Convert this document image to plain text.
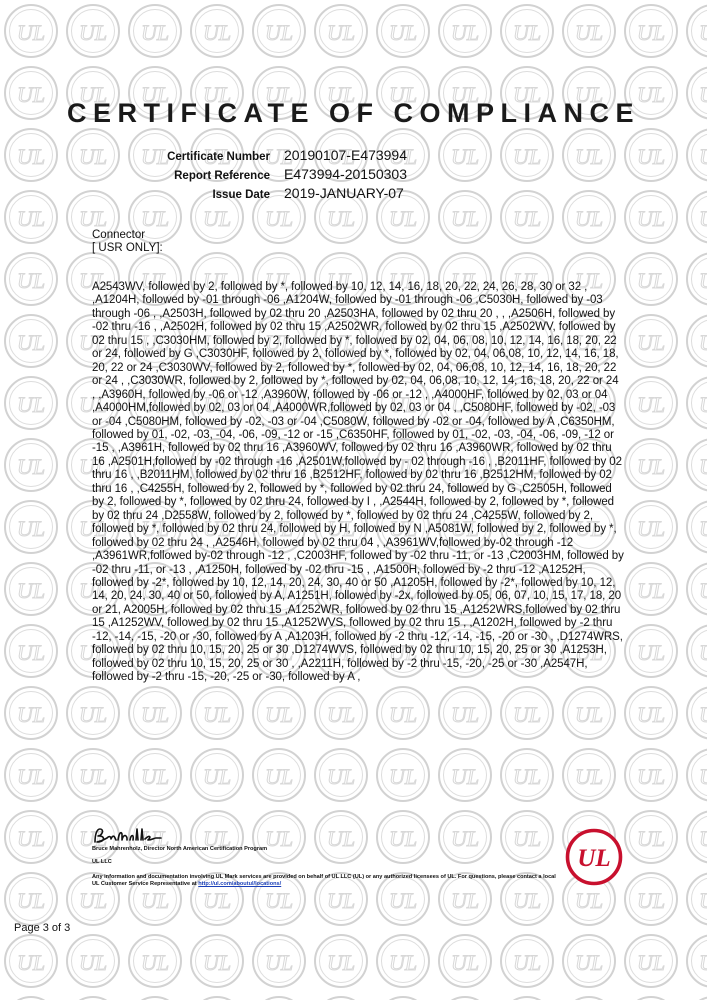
CERTIFICATE OF COMPLIANCE
Certificate Number	20190107-E473994
Report Reference	E473994-20150303
Issue Date	2019-JANUARY-07
Connector
[ USR ONLY]:
A2543WV, followed by 2, followed by *, followed by 10, 12, 14, 16, 18, 20, 22, 24, 26, 28, 30 or 32 , ,A1204H, followed by -01 through -06 ,A1204W, followed by -01 through -06 ,C5030H, followed by -03 through -06 , ,A2503H, followed by 02 thru 20 ,A2503HA, followed by 02 thru 20 , , ,A2506H, followed by -02 thru -16 , ,A2502H, followed by 02 thru 15 ,A2502WR, followed by 02 thru 15 ,A2502WV, followed by 02 thru 15 , ,C3030HM, followed by 2, followed by *, followed by 02, 04, 06, 08, 10, 12, 14, 16, 18, 20, 22 or 24, followed by G ,C3030HF, followed by 2, followed by *, followed by 02, 04, 06,08, 10, 12, 14, 16, 18, 20, 22 or 24 ,C3030WV, followed by 2, followed by *, followed by 02, 04, 06,08, 10, 12, 14, 16, 18, 20, 22 or 24 , ,C3030WR, followed by 2, followed by *, followed by 02, 04, 06,08, 10, 12, 14, 16, 18, 20, 22 or 24 , ,A3960H, followed by -06 or -12 ,A3960W, followed by -06 or -12 , ,A4000HF, followed by 02, 03 or 04 ,A4000HM,followed by 02, 03 or 04 ,A4000WR,followed by 02, 03 or 04 , ,C5080HF, followed by -02, -03 or -04 ,C5080HM, followed by -02, -03 or -04 ,C5080W, followed by -02 or -04, followed by A ,C6350HM, followed by 01, -02, -03, -04, -06, -09, -12 or -15 ,C6350HF, followed by 01, -02, -03, -04, -06, -09, -12 or -15 , ,A3961H, followed by 02 thru 16 ,A3960WV, followed by 02 thru 16 ,A3960WR, followed by 02 thru 16 ,A2501H,followed by -02 through -16 ,A2501W,followed by - 02 through -16 , ,B2011HF, followed by 02 thru 16 , ,B2011HM, followed by 02 thru 16 ,B2512HF, followed by 02 thru 16 ,B2512HM, followed by 02 thru 16 , ,C4255H, followed by 2, followed by *, followed by 02 thru 24, followed by G ,C2505H, followed by 2, followed by *, followed by 02 thru 24, followed by I , ,A2544H, followed by 2, followed by *, followed by 02 thru 24 ,D2558W, followed by 2, followed by *, followed by 02 thru 24 ,C4255W, followed by 2, followed by *, followed by 02 thru 24, followed by H, followed by N ,A5081W, followed by 2, followed by *, followed by 02 thru 24 , ,A2546H, followed by 02 thru 04 , ,A3961WV,followed by-02 through -12 ,A3961WR,followed by-02 through -12 , ,C2003HF, followed by -02 thru -11, or -13 ,C2003HM, followed by -02 thru -11, or -13 , ,A1250H, followed by -02 thru -15 , ,A1500H, followed by -2 thru -12 ,A1252H, followed by -2*, followed by 10, 12, 14, 20, 24, 30, 40 or 50 ,A1205H, followed by -2*, followed by 10, 12, 14, 20, 24, 30, 40 or 50, followed by A, A1251H, followed by -2x, followed by 05, 06, 07, 10, 15, 17, 18, 20 or 21, A2005H, followed by 02 thru 15 ,A1252WR, followed by 02 thru 15 ,A1252WRS,followed by 02 thru 15 ,A1252WV, followed by 02 thru 15 ,A1252WVS, followed by 02 thru 15 , ,A1202H, followed by -2 thru -12, -14, -15, -20 or -30, followed by A ,A1203H, followed by -2 thru -12, -14, -15, -20 or -30 , ,D1274WRS, followed by 02 thru 10, 15, 20, 25 or 30 ,D1274WVS, followed by 02 thru 10, 15, 20, 25 or 30 ,A1253H, followed by 02 thru 10, 15, 20, 25 or 30 , ,A2211H, followed by -2 thru -15, -20, -25 or -30 ,A2547H, followed by -2 thru -15, -20, -25 or -30, followed by A ,
Bruce Mahrenholz, Director North American Certification Program
UL LLC
Any information and documentation involving UL Mark services are provided on behalf of UL LLC (UL) or any authorized licensees of UL. For questions, please contact a local UL Customer Service Representative at http://ul.com/aboutul/locations/
UL
Page 3 of 3
